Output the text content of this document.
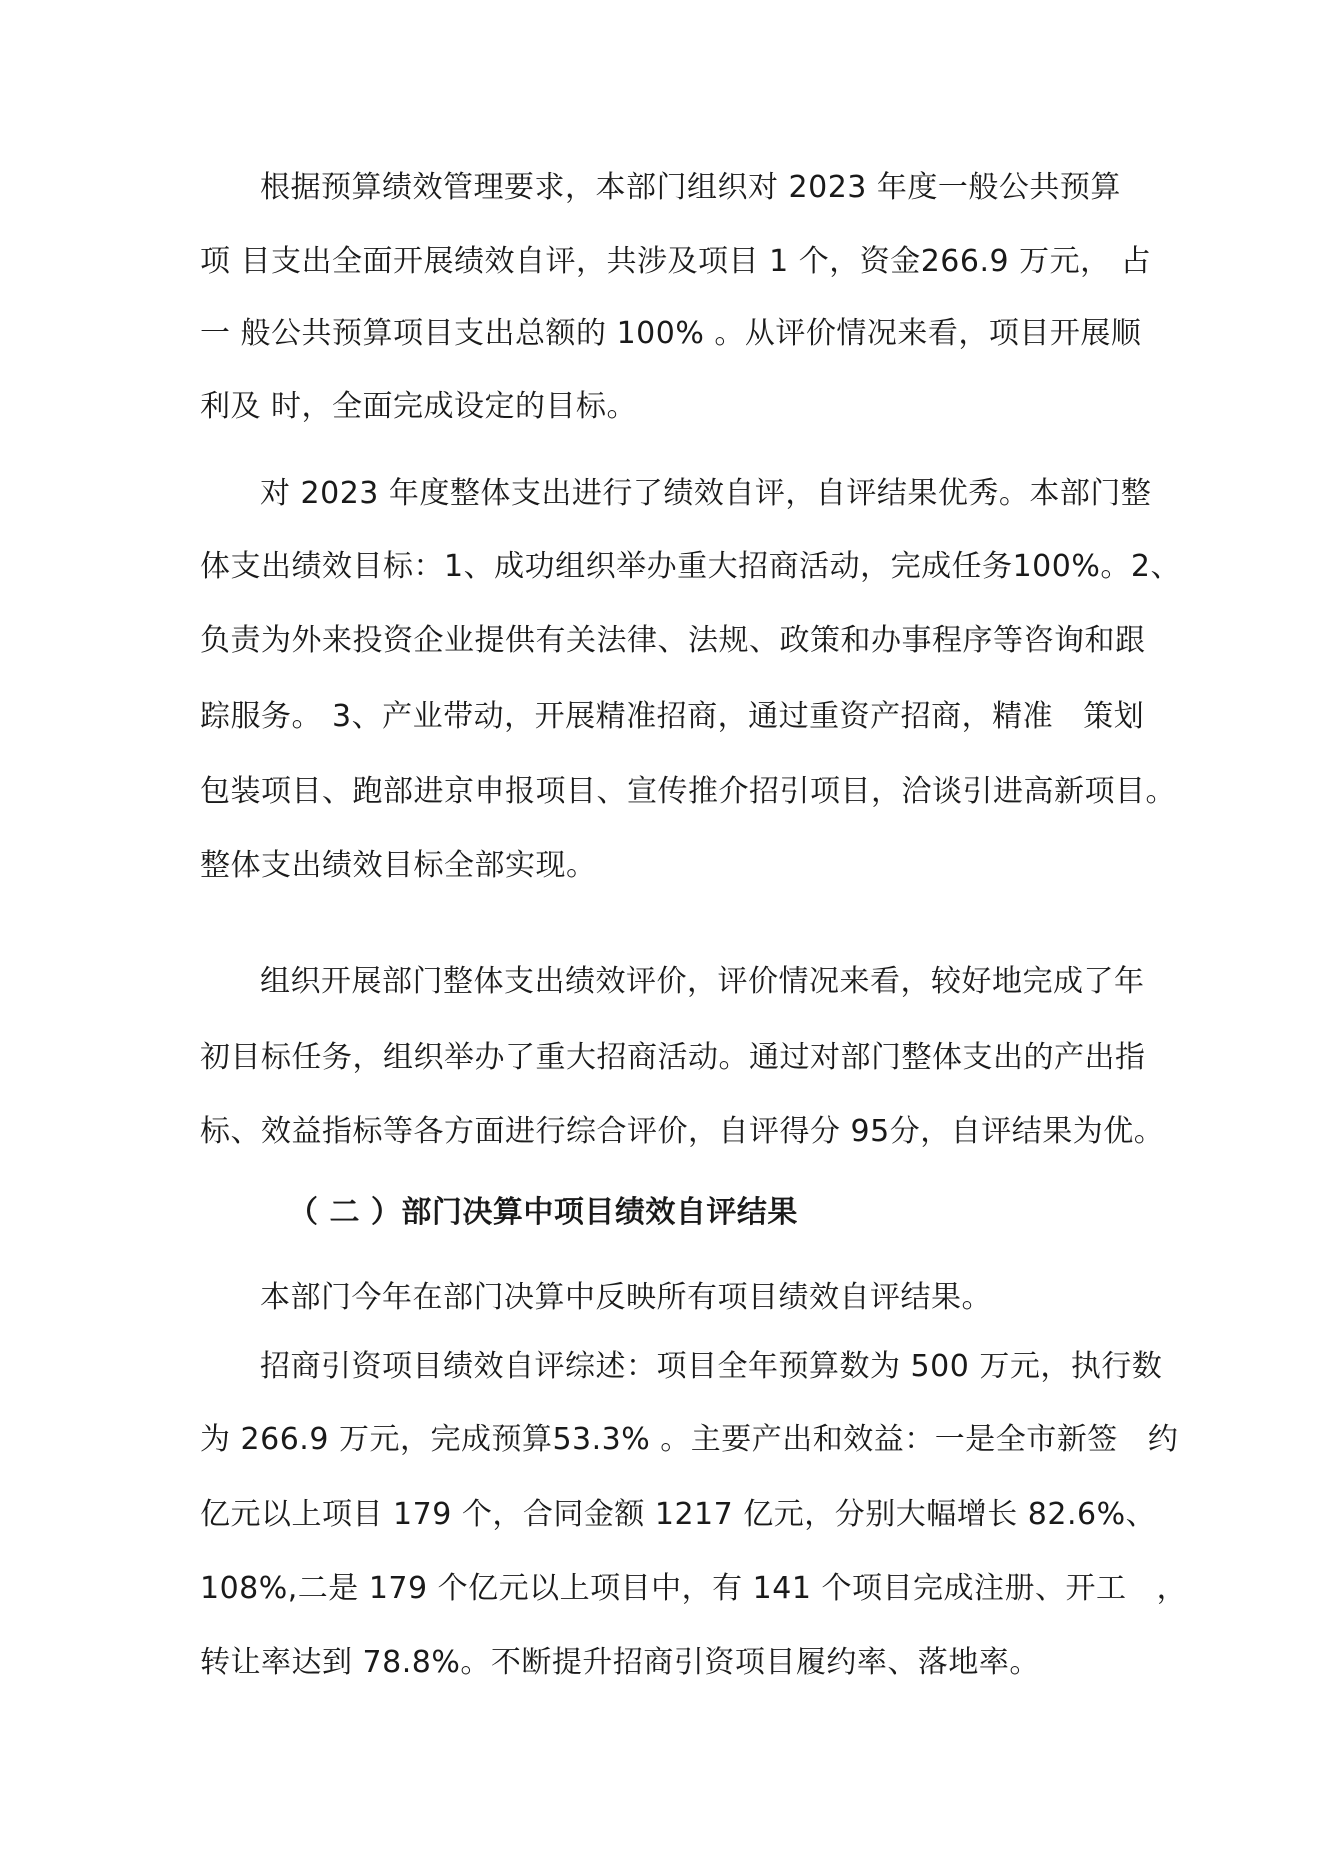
根据预算绩效管理要求，本部门组织对 2023 年度一般公共预算
项 目支出全面开展绩效自评，共涉及项目 1 个，资金266.9 万元， 占
一 般公共预算项目支出总额的 100% 。从评价情况来看，项目开展顺
利及 时，全面完成设定的目标。
对 2023 年度整体支出进行了绩效自评，自评结果优秀。本部门整
体支出绩效目标：1、成功组织举办重大招商活动，完成任务100%。2、
负责为外来投资企业提供有关法律、法规、政策和办事程序等咨询和跟
踪服务。 3、产业带动，开展精准招商，通过重资产招商，精准   策划
包装项目、跑部进京申报项目、宣传推介招引项目，洽谈引进高新项目。
整体支出绩效目标全部实现。
组织开展部门整体支出绩效评价，评价情况来看，较好地完成了年
初目标任务，组织举办了重大招商活动。通过对部门整体支出的产出指
标、效益指标等各方面进行综合评价，自评得分 95分，自评结果为优。
（ 二 ）部门决算中项目绩效自评结果
本部门今年在部门决算中反映所有项目绩效自评结果。
招商引资项目绩效自评综述：项目全年预算数为 500 万元，执行数
为 266.9 万元，完成预算53.3% 。主要产出和效益：一是全市新签   约
亿元以上项目 179 个，合同金额 1217 亿元，分别大幅增长 82.6%、
108%,二是 179 个亿元以上项目中，有 141 个项目完成注册、开工   ，
转让率达到 78.8%。不断提升招商引资项目履约率、落地率。
